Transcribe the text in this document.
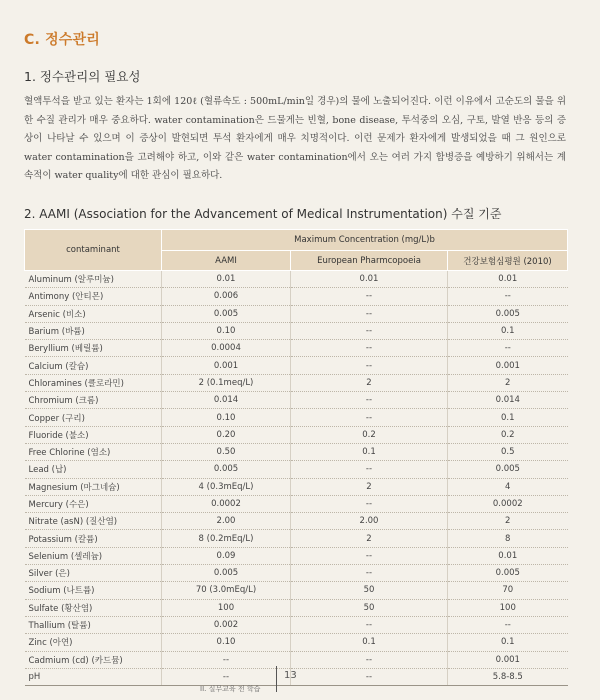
C. 정수관리
1. 정수관리의 필요성
혈액투석을 받고 있는 환자는 1회에 120ℓ (혈류속도 : 500mL/min일 경우)의 물에 노출되어진다. 이런 이유에서 고순도의 물을 위한 수질 관리가 매우 중요하다. water contamination은 드물게는 빈혈, bone disease, 투석중의 오심, 구토, 발열 반응 등의 증상이 나타날 수 있으며 이 증상이 발현되면 투석 환자에게 매우 치명적이다. 이런 문제가 환자에게 발생되었을 때 그 원인으로 water contamination을 고려해야 하고, 이와 같은 water contamination에서 오는 여러 가지 합병증을 예방하기 위해서는 계속적이 water quality에 대한 관심이 필요하다.
2. AAMI (Association for the Advancement of Medical Instrumentation) 수질 기준
contaminant	Maximum Concentration (mg/L)b		
	AAMI	European Pharmcopoeia	건강보험심평원 (2010)
Aluminum (알루미늄)	0.01	0.01	0.01
Antimony (안티몬)	0.006	--	--
Arsenic (비소)	0.005	--	0.005
Barium (바륨)	0.10	--	0.1
Beryllium (베릴륨)	0.0004	--	--
Calcium (칼슘)	0.001	--	0.001
Chloramines (클로라민)	2 (0.1meq/L)	2	2
Chromium (크롬)	0.014	--	0.014
Copper (구리)	0.10	--	0.1
Fluoride (불소)	0.20	0.2	0.2
Free Chlorine (염소)	0.50	0.1	0.5
Lead (납)	0.005	--	0.005
Magnesium (마그네슘)	4 (0.3mEq/L)	2	4
Mercury (수은)	0.0002	--	0.0002
Nitrate (asN) (질산염)	2.00	2.00	2
Potassium (칼륨)	8 (0.2mEq/L)	2	8
Selenium (셀레늄)	0.09	--	0.01
Silver (은)	0.005	--	0.005
Sodium (나트륨)	70 (3.0mEq/L)	50	70
Sulfate (황산염)	100	50	100
Thallium (탈륨)	0.002	--	--
Zinc (아연)	0.10	0.1	0.1
Cadmium (cd) (카드뮴)	--	--	0.001
pH	--	--	5.8-8.5
13
II. 실무교육 전 학습
